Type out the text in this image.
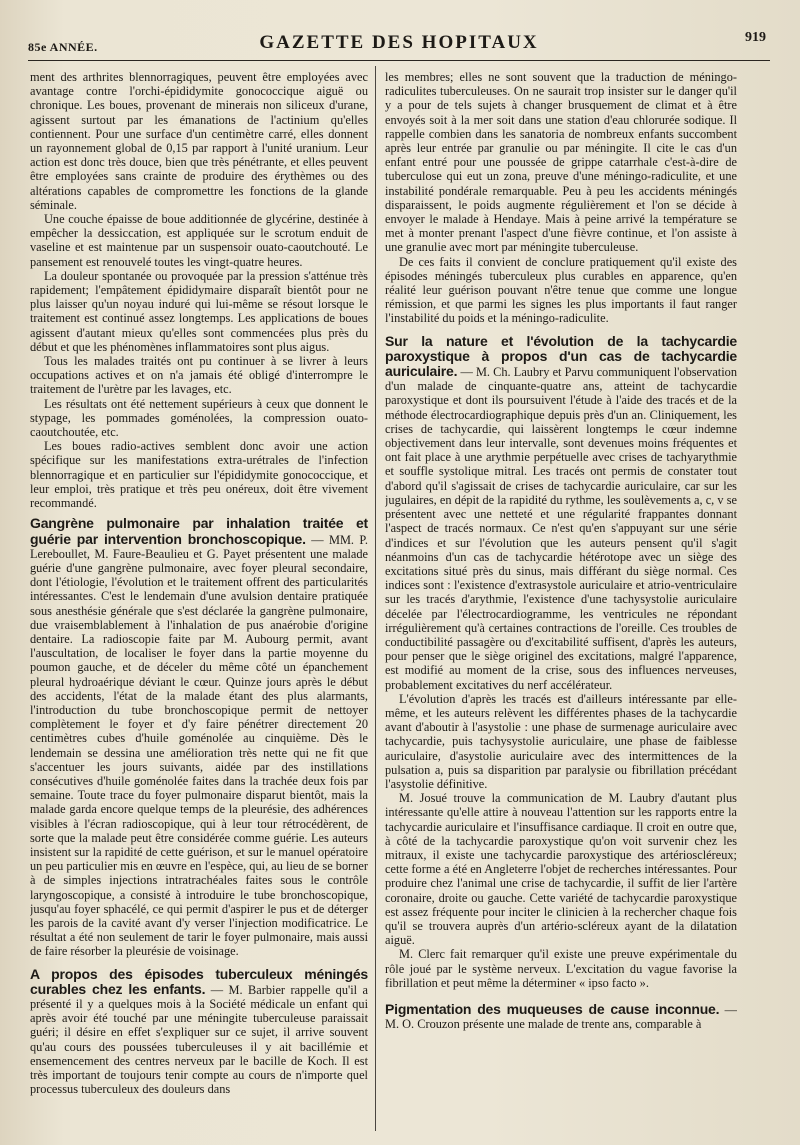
85e ANNÉE.	GAZETTE DES HOPITAUX	919

ment des arthrites blennorragiques, peuvent être employées avec avantage contre l'orchi-épididymite gonococcique aiguë ou chronique. Les boues, provenant de minerais non siliceux d'urane, agissent surtout par les émanations de l'actinium qu'elles contiennent. Pour une surface d'un centimètre carré, elles donnent un rayonnement global de 0,15 par rapport à l'unité uranium. Leur action est donc très douce, bien que très pénétrante, et elles peuvent être employées sans crainte de produire des érythèmes ou des altérations capables de compromettre les fonctions de la glande séminale.

Une couche épaisse de boue additionnée de glycérine, destinée à empêcher la dessiccation, est appliquée sur le scrotum enduit de vaseline et est maintenue par un suspensoir ouato-caoutchouté. Le pansement est renouvelé toutes les vingt-quatre heures.

La douleur spontanée ou provoquée par la pression s'atténue très rapidement; l'empâtement épididymaire disparaît bientôt pour ne plus laisser qu'un noyau induré qui lui-même se résout lorsque le traitement est continué assez longtemps. Les applications de boues agissent d'autant mieux qu'elles sont commencées plus près du début et que les phénomènes inflammatoires sont plus aigus.

Tous les malades traités ont pu continuer à se livrer à leurs occupations actives et on n'a jamais été obligé d'interrompre le traitement de l'urètre par les lavages, etc.

Les résultats ont été nettement supérieurs à ceux que donnent le stypage, les pommades goménolées, la compression ouato-caoutchoutée, etc.

Les boues radio-actives semblent donc avoir une action spécifique sur les manifestations extra-urétrales de l'infection blennorragique et en particulier sur l'épididymite gonococcique, et leur emploi, très pratique et très peu onéreux, doit être vivement recommandé.

Gangrène pulmonaire par inhalation traitée et guérie par intervention bronchoscopique. — MM. P. Lereboullet, M. Faure-Beaulieu et G. Payet présentent une malade guérie d'une gangrène pulmonaire, avec foyer pleural secondaire, dont l'étiologie, l'évolution et le traitement offrent des particularités intéressantes. C'est le lendemain d'une avulsion dentaire pratiquée sous anesthésie générale que s'est déclarée la gangrène pulmonaire, due vraisemblablement à l'inhalation de pus anaérobie d'origine dentaire. La radioscopie faite par M. Aubourg permit, avant l'auscultation, de localiser le foyer dans la partie moyenne du poumon gauche, et de déceler du même côté un épanchement pleural hydroaérique déviant le cœur. Quinze jours après le début des accidents, l'état de la malade étant des plus alarmants, l'introduction du tube bronchoscopique permit de nettoyer complètement le foyer et d'y faire pénétrer directement 20 centimètres cubes d'huile goménolée au cinquième. Dès le lendemain se dessina une amélioration très nette qui ne fit que s'accentuer les jours suivants, aidée par des instillations consécutives d'huile goménolée faites dans la trachée deux fois par semaine. Toute trace du foyer pulmonaire disparut bientôt, mais la malade garda encore quelque temps de la pleurésie, des adhérences visibles à l'écran radioscopique, qui à leur tour rétrocédèrent, de sorte que la malade peut être considérée comme guérie. Les auteurs insistent sur la rapidité de cette guérison, et sur le manuel opératoire un peu particulier mis en œuvre en l'espèce, qui, au lieu de se borner à de simples injections intratrachéales faites sous le contrôle laryngoscopique, a consisté à introduire le tube bronchoscopique, jusqu'au foyer sphacélé, ce qui permit d'aspirer le pus et de déterger les parois de la cavité avant d'y verser l'injection modificatrice. Le résultat a été non seulement de tarir le foyer pulmonaire, mais aussi de faire résorber la pleurésie de voisinage.

A propos des épisodes tuberculeux méningés curables chez les enfants. — M. Barbier rappelle qu'il a présenté il y a quelques mois à la Société médicale un enfant qui après avoir été touché par une méningite tuberculeuse paraissait guéri; il désire en effet s'expliquer sur ce sujet, il arrive souvent qu'au cours des poussées tuberculeuses il y ait bacillémie et ensemencement des centres nerveux par le bacille de Koch. Il est très important de toujours tenir compte au cours de n'importe quel processus tuberculeux des douleurs dans

les membres; elles ne sont souvent que la traduction de méningo-radiculites tuberculeuses. On ne saurait trop insister sur le danger qu'il y a pour de tels sujets à changer brusquement de climat et à être envoyés soit à la mer soit dans une station d'eau chlorurée sodique. Il rappelle combien dans les sanatoria de nombreux enfants succombent après leur entrée par granulie ou par méningite. Il cite le cas d'un enfant entré pour une poussée de grippe catarrhale c'est-à-dire de tuberculose qui eut un zona, preuve d'une méningo-radiculite, et une instabilité pondérale remarquable. Peu à peu les accidents méningés disparaissent, le poids augmente régulièrement et l'on se décide à envoyer le malade à Hendaye. Mais à peine arrivé la température se met à monter prenant l'aspect d'une fièvre continue, et l'on assiste à une granulie avec mort par méningite tuberculeuse.

De ces faits il convient de conclure pratiquement qu'il existe des épisodes méningés tuberculeux plus curables en apparence, qu'en réalité leur guérison pouvant n'être tenue que comme une longue rémission, et que parmi les signes les plus importants il faut ranger l'instabilité du poids et la méningo-radiculite.

Sur la nature et l'évolution de la tachycardie paroxystique à propos d'un cas de tachycardie auriculaire. — M. Ch. Laubry et Parvu communiquent l'observation d'un malade de cinquante-quatre ans, atteint de tachycardie paroxystique et dont ils poursuivent l'étude à l'aide des tracés et de la méthode électrocardiographique depuis près d'un an. Cliniquement, les crises de tachycardie, qui laissèrent longtemps le cœur indemne objectivement dans leur intervalle, sont devenues moins fréquentes et ont fait place à une arythmie perpétuelle avec crises de tachyarythmie et souffle systolique mitral. Les tracés ont permis de constater tout d'abord qu'il s'agissait de crises de tachycardie auriculaire, car sur les jugulaires, en dépit de la rapidité du rythme, les soulèvements a, c, v se présentent avec une netteté et une régularité frappantes donnant l'aspect de tracés normaux. Ce n'est qu'en s'appuyant sur une série d'indices et sur l'évolution que les auteurs pensent qu'il s'agit néanmoins d'un cas de tachycardie hétérotope avec un siège des excitations situé près du sinus, mais différant du siège normal. Ces indices sont : l'existence d'extrasystole auriculaire et atrio-ventriculaire sur les tracés d'arythmie, l'existence d'une tachysystolie auriculaire décelée par l'électrocardiogramme, les ventricules ne répondant irrégulièrement qu'à certaines contractions de l'oreille. Ces troubles de conductibilité passagère ou d'excitabilité suffisent, d'après les auteurs, pour penser que le siège originel des excitations, malgré l'apparence, est modifié au moment de la crise, sous des influences nerveuses, probablement excitatives du nerf accélérateur.

L'évolution d'après les tracés est d'ailleurs intéressante par elle-même, et les auteurs relèvent les différentes phases de la tachycardie avant d'aboutir à l'asystolie : une phase de surmenage auriculaire avec tachycardie, puis tachysystolie auriculaire, une phase de faiblesse auriculaire, d'asystolie auriculaire avec des intermittences de la pulsation a, puis sa disparition par paralysie ou fibrillation précédant l'asystolie définitive.

M. Josué trouve la communication de M. Laubry d'autant plus intéressante qu'elle attire à nouveau l'attention sur les rapports entre la tachycardie auriculaire et l'insuffisance cardiaque. Il croit en outre que, à côté de la tachycardie paroxystique qu'on voit survenir chez les mitraux, il existe une tachycardie paroxystique des artérioscléreux; cette forme a été en Angleterre l'objet de recherches intéressantes. Pour produire chez l'animal une crise de tachycardie, il suffit de lier l'artère coronaire, droite ou gauche. Cette variété de tachycardie paroxystique est assez fréquente pour inciter le clinicien à la rechercher chaque fois qu'il se trouvera auprès d'un artério-scléreux ayant de la dilatation aiguë.

M. Clerc fait remarquer qu'il existe une preuve expérimentale du rôle joué par le système nerveux. L'excitation du vague favorise la fibrillation et peut même la déterminer « ipso facto ».

Pigmentation des muqueuses de cause inconnue. — M. O. Crouzon présente une malade de trente ans, comparable à
